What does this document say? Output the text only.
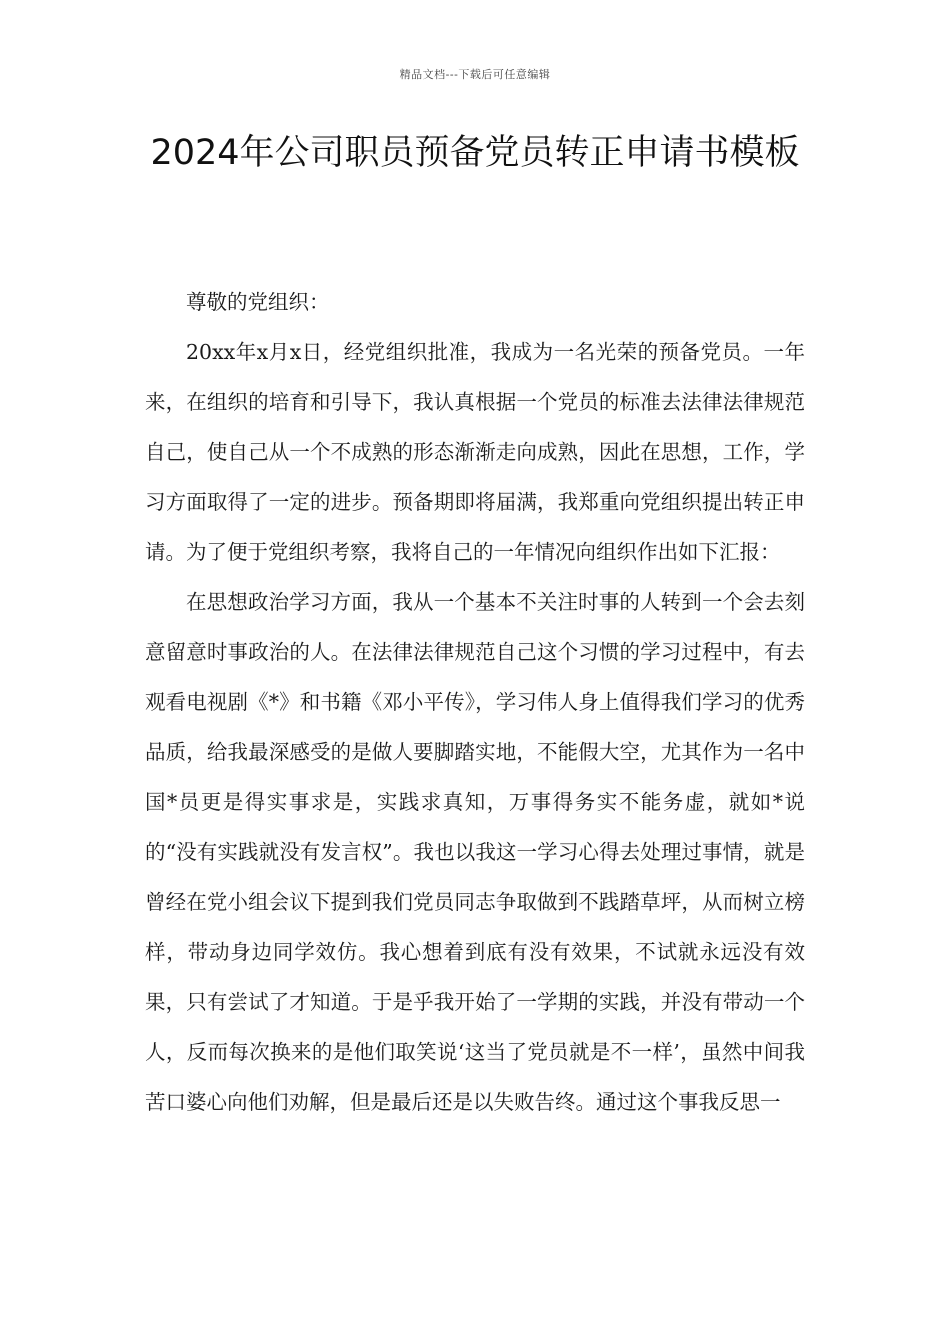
精品文档---下载后可任意编辑
2024年公司职员预备党员转正申请书模板

尊敬的党组织：

20xx年x月x日，经党组织批准，我成为一名光荣的预备党员。一年来，在组织的培育和引导下，我认真根据一个党员的标准去法律法律规范自己，使自己从一个不成熟的形态渐渐走向成熟，因此在思想，工作，学习方面取得了一定的进步。预备期即将届满，我郑重向党组织提出转正申请。为了便于党组织考察，我将自己的一年情况向组织作出如下汇报：

在思想政治学习方面，我从一个基本不关注时事的人转到一个会去刻意留意时事政治的人。在法律法律规范自己这个习惯的学习过程中，有去观看电视剧《*》和书籍《邓小平传》，学习伟人身上值得我们学习的优秀品质，给我最深感受的是做人要脚踏实地，不能假大空，尤其作为一名中国*员更是得实事求是，实践求真知，万事得务实不能务虚，就如*说的“没有实践就没有发言权”。我也以我这一学习心得去处理过事情，就是曾经在党小组会议下提到我们党员同志争取做到不践踏草坪，从而树立榜样，带动身边同学效仿。我心想着到底有没有效果，不试就永远没有效果，只有尝试了才知道。于是乎我开始了一学期的实践，并没有带动一个人，反而每次换来的是他们取笑说‘这当了党员就是不一样’，虽然中间我苦口婆心向他们劝解，但是最后还是以失败告终。通过这个事我反思一
